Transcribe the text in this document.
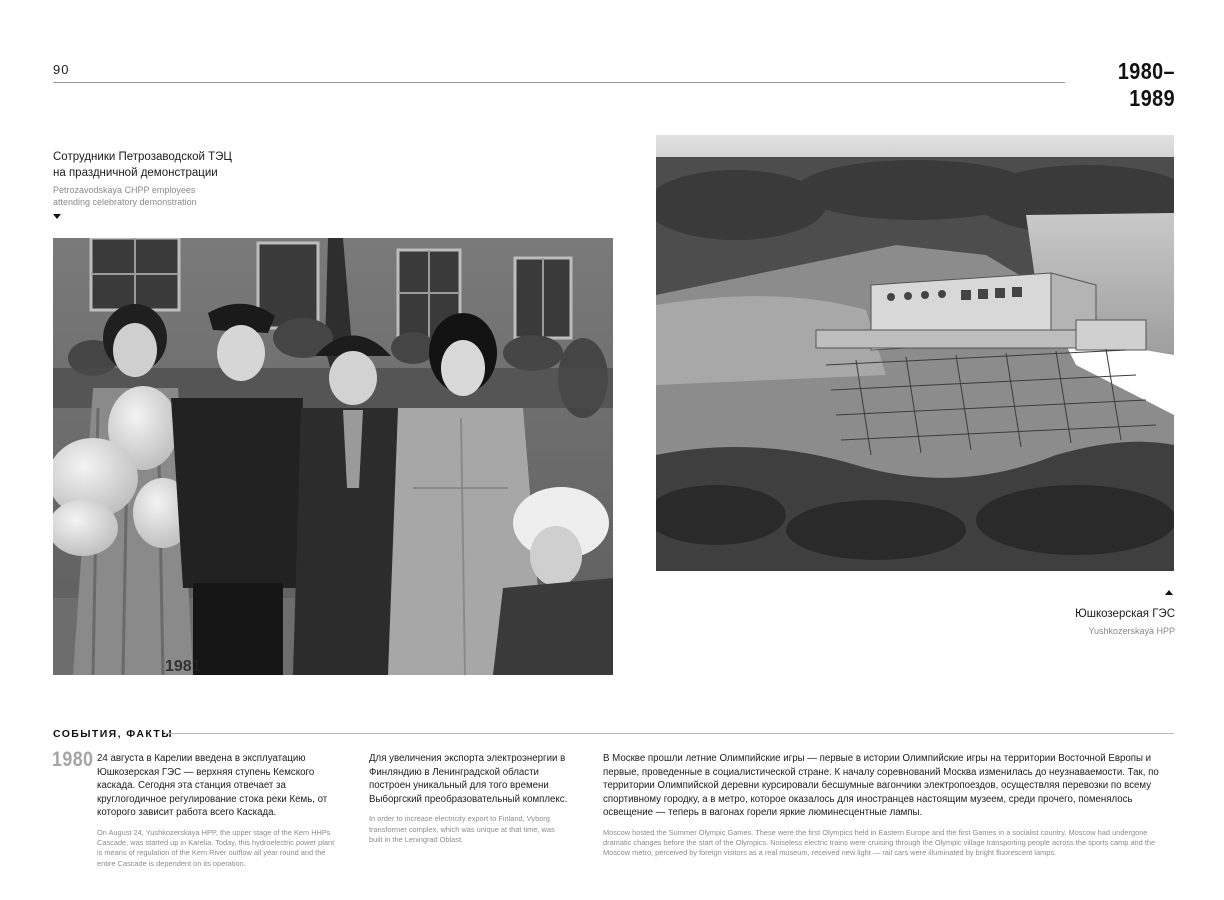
90	1980–1989
Сотрудники Петрозаводской ТЭЦ
на праздничной демонстрации
Petrozavodskaya CHPP employees attending celebratory demonstration
1981
Юшкозерская ГЭС
Yushkozerskaya HPP
СОБЫТИЯ, ФАКТЫ
1980 24 августа в Карелии введена в эксплуатацию Юшкозерская ГЭС — верхняя ступень Кемского каскада. Сегодня эта станция отвечает за круглогодичное регулирование стока реки Кемь, от которого зависит работа всего Каскада.
On August 24, Yushkozerskaya HPP, the upper stage of the Kem HHPs Cascade, was started up in Karelia. Today, this hydroelectric power plant is means of regulation of the Kem River outflow all year round and the entire Cascade is dependent on its operation.
Для увеличения экспорта электроэнергии в Финляндию в Ленинградской области построен уникальный для того времени Выборгский преобразовательный комплекс.
In order to increase electricity export to Finland, Vyborg transformer complex, which was unique at that time, was built in the Leningrad Oblast.
В Москве прошли летние Олимпийские игры — первые в истории Олимпийские игры на территории Восточной Европы и первые, проведенные в социалистической стране. К началу соревнований Москва изменилась до неузнаваемости. Так, по территории Олимпийской деревни курсировали бесшумные вагончики электропоездов, осуществляя перевозки по всему спортивному городку, а в метро, которое оказалось для иностранцев настоящим музеем, среди прочего, поменялось освещение — теперь в вагонах горели яркие люминесцентные лампы.
Moscow hosted the Summer Olympic Games. These were the first Olympics held in Eastern Europe and the first Games in a socialist country. Moscow had undergone dramatic changes before the start of the Olympics. Noiseless electric trains were cruising through the Olympic village transporting people across the sports camp and the Moscow metro, perceived by foreign visitors as a real museum, received new light — rail cars were illuminated by bright fluorescent lamps.
